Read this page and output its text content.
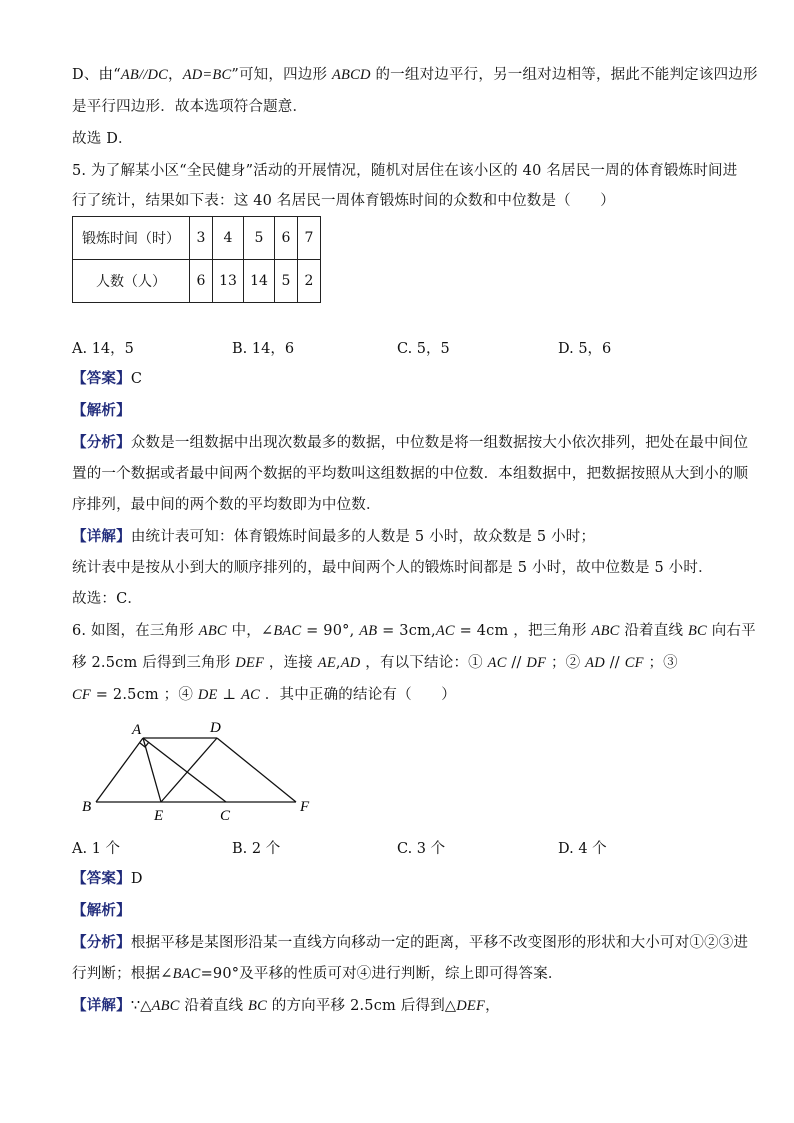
D、由“AB//DC，AD=BC”可知，四边形 ABCD 的一组对边平行，另一组对边相等，据此不能判定该四边形
是平行四边形．故本选项符合题意．
故选 D．
5. 为了解某小区“全民健身”活动的开展情况，随机对居住在该小区的 40 名居民一周的体育锻炼时间进
行了统计，结果如下表：这 40 名居民一周体育锻炼时间的众数和中位数是（　　）
锻炼时间（时）	3	4	5	6	7
人数（人）	6	13	14	5	2
A. 14，5	B. 14，6	C. 5，5	D. 5，6
【答案】C
【解析】
【分析】众数是一组数据中出现次数最多的数据，中位数是将一组数据按大小依次排列，把处在最中间位
置的一个数据或者最中间两个数据的平均数叫这组数据的中位数．本组数据中，把数据按照从大到小的顺
序排列，最中间的两个数的平均数即为中位数．
【详解】由统计表可知：体育锻炼时间最多的人数是 5 小时，故众数是 5 小时；
统计表中是按从小到大的顺序排列的，最中间两个人的锻炼时间都是 5 小时，故中位数是 5 小时．
故选：C．
6. 如图，在三角形 ABC 中，∠BAC = 90°, AB = 3cm,AC = 4cm ，把三角形 ABC 沿着直线 BC 向右平
移 2.5cm 后得到三角形 DEF ，连接 AE,AD ，有以下结论：① AC // DF ；② AD // CF ；③
CF = 2.5cm ；④ DE ⊥ AC ．其中正确的结论有（　　）
A	D
B
E	C
F
A. 1 个	B. 2 个	C. 3 个	D. 4 个
【答案】D
【解析】
【分析】根据平移是某图形沿某一直线方向移动一定的距离，平移不改变图形的形状和大小可对①②③进
行判断；根据∠BAC=90°及平移的性质可对④进行判断，综上即可得答案．
【详解】∵△ABC 沿着直线 BC 的方向平移 2.5cm 后得到△DEF，
